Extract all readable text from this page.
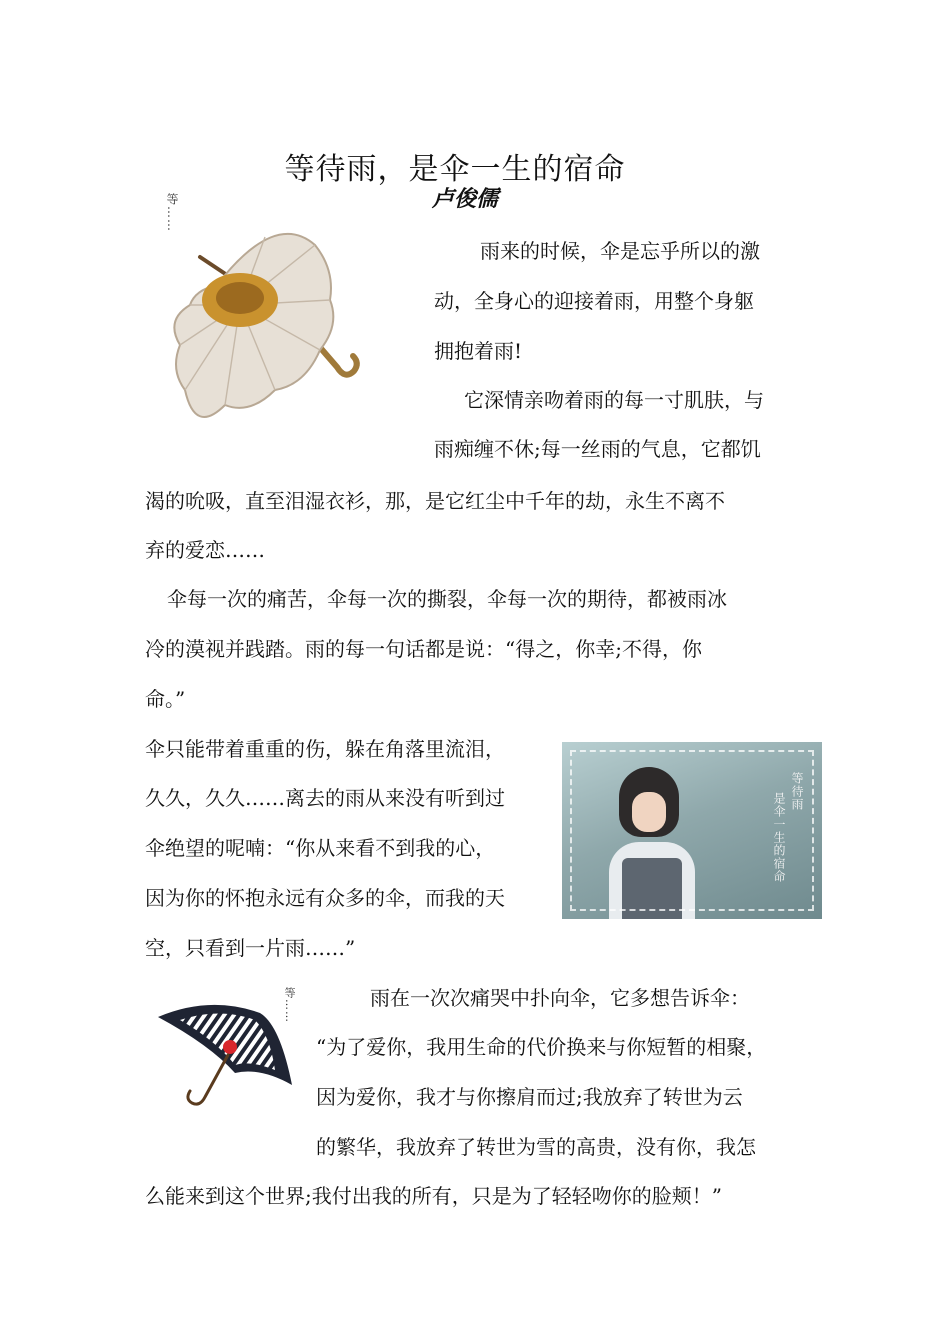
等待雨，是伞一生的宿命
卢俊儒
等……
等待雨
是伞一生的宿命
等……

雨来的时候，伞是忘乎所以的激

动，全身心的迎接着雨，用整个身躯

拥抱着雨!

它深情亲吻着雨的每一寸肌肤，与

雨痴缠不休;每一丝雨的气息，它都饥

渴的吮吸，直至泪湿衣衫，那，是它红尘中千年的劫，永生不离不

弃的爱恋……

伞每一次的痛苦，伞每一次的撕裂，伞每一次的期待，都被雨冰

冷的漠视并践踏。雨的每一句话都是说：“得之，你幸;不得，你

命。”

伞只能带着重重的伤，躲在角落里流泪，

久久，久久……离去的雨从来没有听到过

伞绝望的呢喃：“你从来看不到我的心，

因为你的怀抱永远有众多的伞，而我的天

空，只看到一片雨……”

雨在一次次痛哭中扑向伞，它多想告诉伞：

“为了爱你，我用生命的代价换来与你短暂的相聚，

因为爱你，我才与你擦肩而过;我放弃了转世为云

的繁华，我放弃了转世为雪的高贵，没有你，我怎

么能来到这个世界;我付出我的所有，只是为了轻轻吻你的脸颊！”
